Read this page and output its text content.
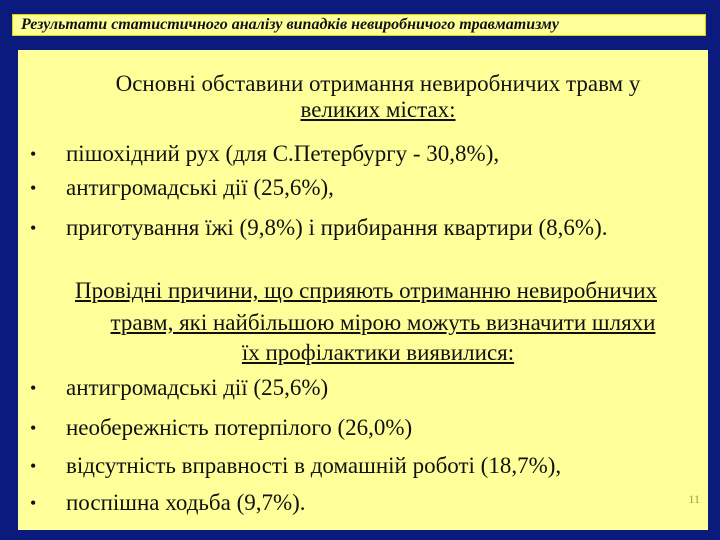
Результати статистичного аналізу випадків невиробничого травматизму
Основні обставини отримання невиробничих травм у
великих містах:
• пішохідний рух (для С.Петербургу - 30,8%),
• антигромадські дії (25,6%),
• приготування їжі (9,8%) і прибирання квартири (8,6%).
Провідні причини, що сприяють отриманню невиробничих
травм, які найбільшою мірою можуть визначити шляхи
їх профілактики виявилися:
• антигромадські дії (25,6%)
• необережність потерпілого (26,0%)
• відсутність вправності в домашній роботі (18,7%),
• поспішна ходьба (9,7%).	11
